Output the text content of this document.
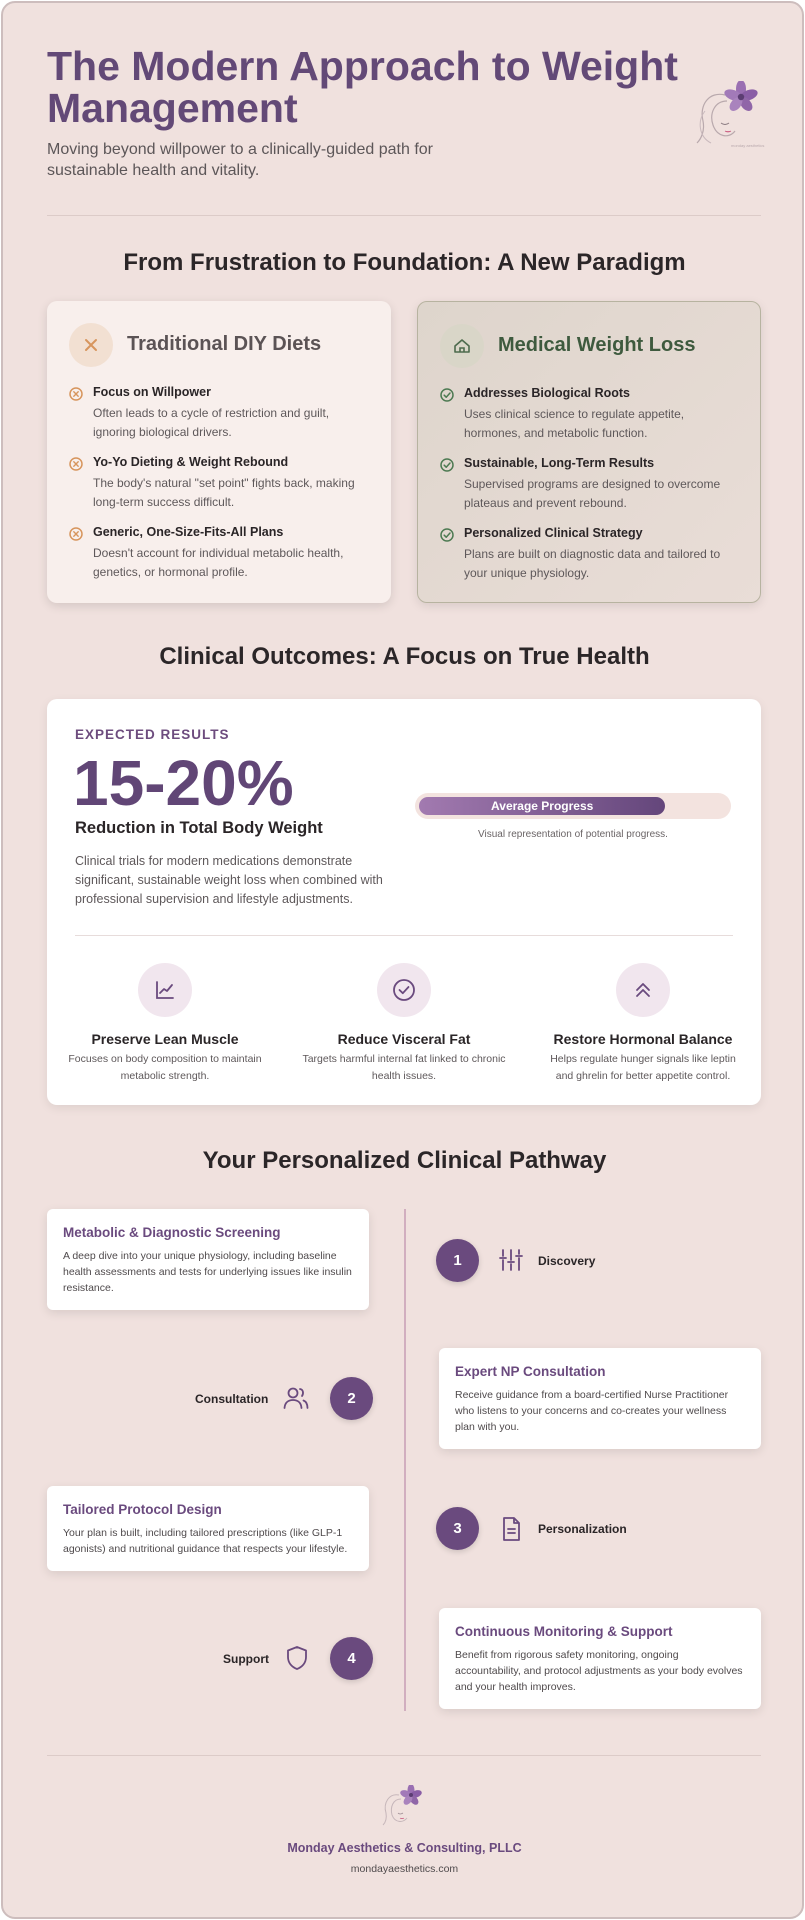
The Modern Approach to Weight Management

Moving beyond willpower to a clinically-guided path for sustainable health and vitality.

monday aesthetics
From Frustration to Foundation: A New Paradigm
Traditional DIY Diets
Focus on Willpower
Often leads to a cycle of restriction and guilt, ignoring biological drivers.
Yo-Yo Dieting & Weight Rebound
The body's natural "set point" fights back, making long-term success difficult.
Generic, One-Size-Fits-All Plans
Doesn't account for individual metabolic health, genetics, or hormonal profile.
Medical Weight Loss
Addresses Biological Roots
Uses clinical science to regulate appetite, hormones, and metabolic function.
Sustainable, Long-Term Results
Supervised programs are designed to overcome plateaus and prevent rebound.
Personalized Clinical Strategy
Plans are built on diagnostic data and tailored to your unique physiology.
Clinical Outcomes: A Focus on True Health
EXPECTED RESULTS
15-20%
Reduction in Total Body Weight
Clinical trials for modern medications demonstrate significant, sustainable weight loss when combined with professional supervision and lifestyle adjustments.
Average Progress
Visual representation of potential progress.
Preserve Lean Muscle
Focuses on body composition to maintain metabolic strength.
Reduce Visceral Fat
Targets harmful internal fat linked to chronic health issues.
Restore Hormonal Balance
Helps regulate hunger signals like leptin and ghrelin for better appetite control.
Your Personalized Clinical Pathway
Metabolic & Diagnostic Screening
A deep dive into your unique physiology, including baseline health assessments and tests for underlying issues like insulin resistance.
1	Discovery
Consultation	2
Expert NP Consultation
Receive guidance from a board-certified Nurse Practitioner who listens to your concerns and co-creates your wellness plan with you.
Tailored Protocol Design
Your plan is built, including tailored prescriptions (like GLP-1 agonists) and nutritional guidance that respects your lifestyle.
3	Personalization
Support	4
Continuous Monitoring & Support
Benefit from rigorous safety monitoring, ongoing accountability, and protocol adjustments as your body evolves and your health improves.
Monday Aesthetics & Consulting, PLLC
mondayaesthetics.com
